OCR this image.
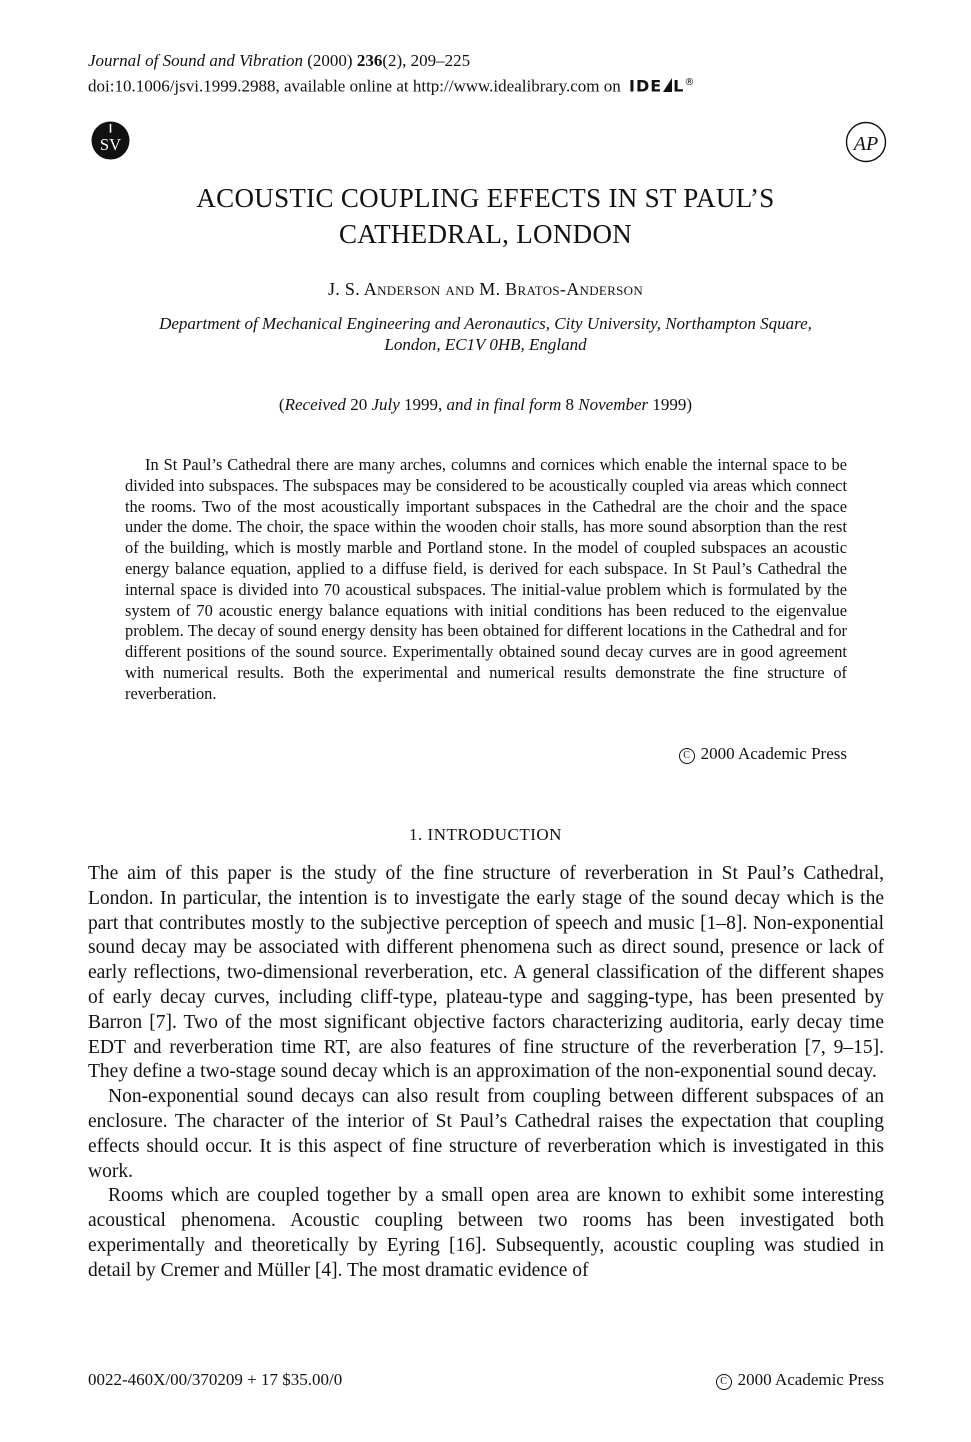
Journal of Sound and Vibration (2000) 236(2), 209–225
doi:10.1006/jsvi.1999.2988, available online at http://www.idealibrary.com on IDE L®
SV	AP
ACOUSTIC COUPLING EFFECTS IN ST PAUL’S
CATHEDRAL, LONDON
J. S. Anderson and M. Bratos-Anderson
Department of Mechanical Engineering and Aeronautics, City University, Northampton Square,
London, EC1V 0HB, England
(Received 20 July 1999, and in final form 8 November 1999)
In St Paul’s Cathedral there are many arches, columns and cornices which enable the internal space to be divided into subspaces. The subspaces may be considered to be acoustically coupled via areas which connect the rooms. Two of the most acoustically important subspaces in the Cathedral are the choir and the space under the dome. The choir, the space within the wooden choir stalls, has more sound absorption than the rest of the building, which is mostly marble and Portland stone. In the model of coupled subspaces an acoustic energy balance equation, applied to a diffuse field, is derived for each subspace. In St Paul’s Cathedral the internal space is divided into 70 acoustical subspaces. The initial-value problem which is formulated by the system of 70 acoustic energy balance equations with initial conditions has been reduced to the eigenvalue problem. The decay of sound energy density has been obtained for different locations in the Cathedral and for different positions of the sound source. Experimentally obtained sound decay curves are in good agreement with numerical results. Both the experimental and numerical results demonstrate the fine structure of reverberation.
C 2000 Academic Press
1. INTRODUCTION

The aim of this paper is the study of the fine structure of reverberation in St Paul’s Cathedral, London. In particular, the intention is to investigate the early stage of the sound decay which is the part that contributes mostly to the subjective perception of speech and music [1–8]. Non-exponential sound decay may be associated with different phenomena such as direct sound, presence or lack of early reflections, two-dimensional reverberation, etc. A general classification of the different shapes of early decay curves, including cliff-type, plateau-type and sagging-type, has been presented by Barron [7]. Two of the most significant objective factors characterizing auditoria, early decay time EDT and reverberation time RT, are also features of fine structure of the reverberation [7, 9–15]. They define a two-stage sound decay which is an approximation of the non-exponential sound decay.

Non-exponential sound decays can also result from coupling between different subspaces of an enclosure. The character of the interior of St Paul’s Cathedral raises the expectation that coupling effects should occur. It is this aspect of fine structure of reverberation which is investigated in this work.

Rooms which are coupled together by a small open area are known to exhibit some interesting acoustical phenomena. Acoustic coupling between two rooms has been investigated both experimentally and theoretically by Eyring [16]. Subsequently, acoustic coupling was studied in detail by Cremer and Müller [4]. The most dramatic evidence of

0022-460X/00/370209 + 17 $35.00/0	C 2000 Academic Press
